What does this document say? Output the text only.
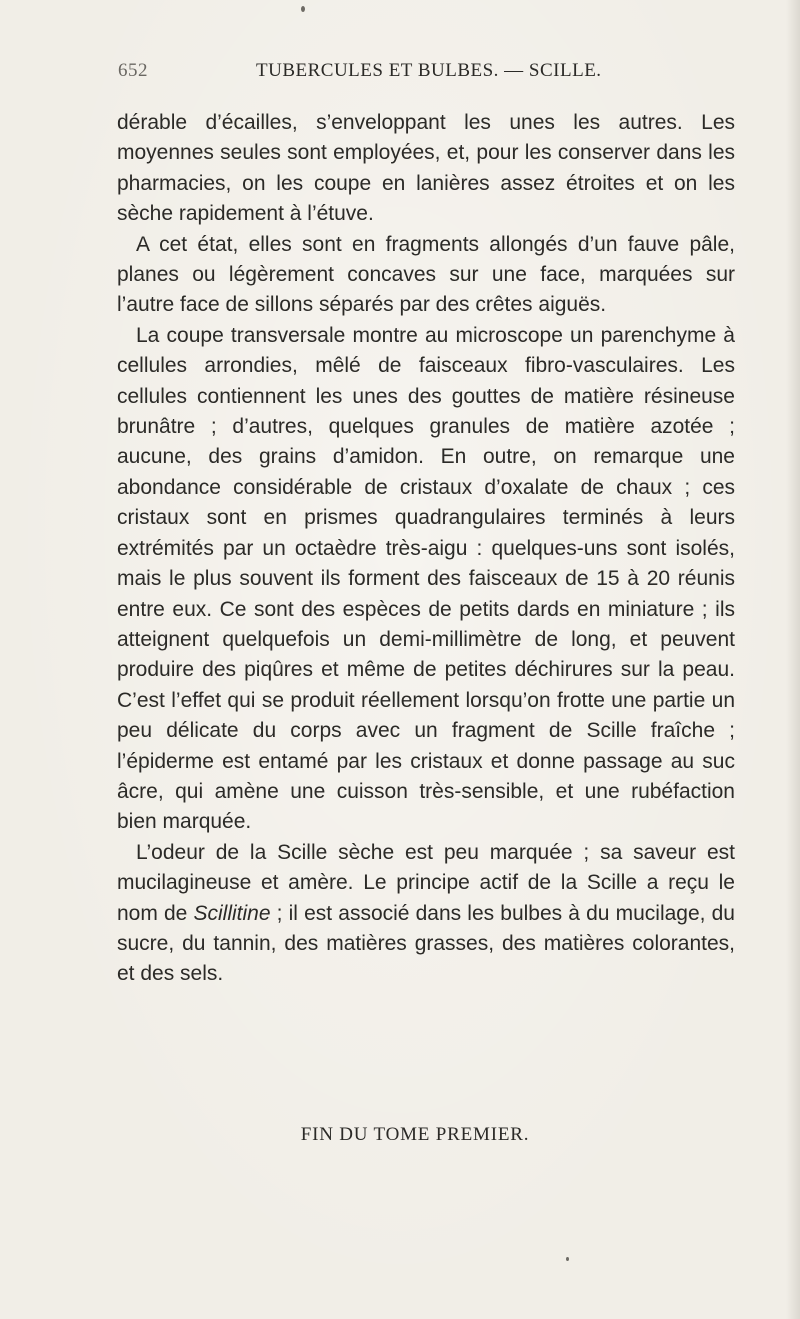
652	TUBERCULES ET BULBES. — SCILLE.

dérable d’écailles, s’enveloppant les unes les autres. Les moyennes seules sont employées, et, pour les conserver dans les pharmacies, on les coupe en lanières assez étroites et on les sèche rapidement à l’étuve.

A cet état, elles sont en fragments allongés d’un fauve pâle, planes ou légèrement concaves sur une face, marquées sur l’autre face de sillons séparés par des crêtes aiguës.

La coupe transversale montre au microscope un parenchyme à cellules arrondies, mêlé de faisceaux fibro-vasculaires. Les cellules contiennent les unes des gouttes de matière résineuse brunâtre ; d’autres, quelques granules de matière azotée ; aucune, des grains d’amidon. En outre, on remarque une abondance considérable de cristaux d’oxalate de chaux ; ces cristaux sont en prismes quadrangulaires terminés à leurs extrémités par un octaèdre très-aigu : quelques-uns sont isolés, mais le plus souvent ils forment des faisceaux de 15 à 20 réunis entre eux. Ce sont des espèces de petits dards en miniature ; ils atteignent quelquefois un demi-millimètre de long, et peuvent produire des piqûres et même de petites déchirures sur la peau. C’est l’effet qui se produit réellement lorsqu’on frotte une partie un peu délicate du corps avec un fragment de Scille fraîche ; l’épiderme est entamé par les cristaux et donne passage au suc âcre, qui amène une cuisson très-sensible, et une rubéfaction bien marquée.

L’odeur de la Scille sèche est peu marquée ; sa saveur est mucilagineuse et amère. Le principe actif de la Scille a reçu le nom de Scillitine ; il est associé dans les bulbes à du mucilage, du sucre, du tannin, des matières grasses, des matières colorantes, et des sels.

FIN DU TOME PREMIER.
